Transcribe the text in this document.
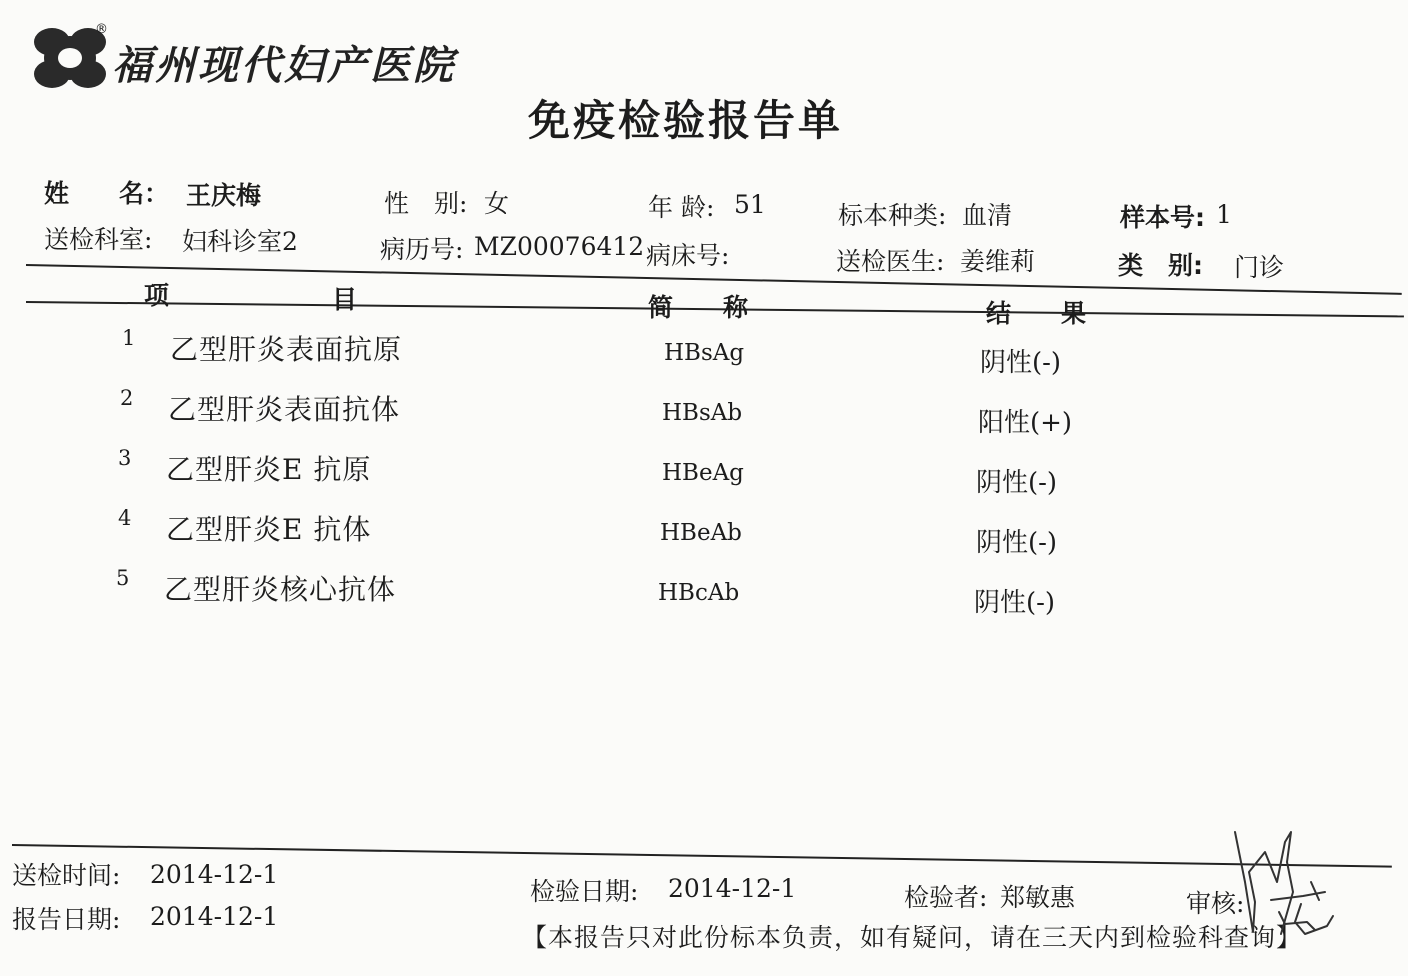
®
福州现代妇产医院
免疫检验报告单
姓　　名： 王庆梅	性　别: 女	年 龄: 51	标本种类: 血清	样本号: 1
送检科室: 妇科诊室2	病历号: MZ00076412 病床号:	送检医生: 姜维莉	类　别: 门诊
项	目	简　　称	结　　果
1 乙型肝炎表面抗原	HBsAg	阴性(-)
2 乙型肝炎表面抗体	HBsAb	阳性(+)
3 乙型肝炎E 抗原	HBeAg	阴性(-)
4 乙型肝炎E 抗体	HBeAb	阴性(-)
5 乙型肝炎核心抗体	HBcAb	阴性(-)
送检时间: 2014-12-1
报告日期: 2014-12-1
检验日期: 2014-12-1	检验者: 郑敏惠	审核:
【本报告只对此份标本负责，如有疑问，请在三天内到检验科查询】
